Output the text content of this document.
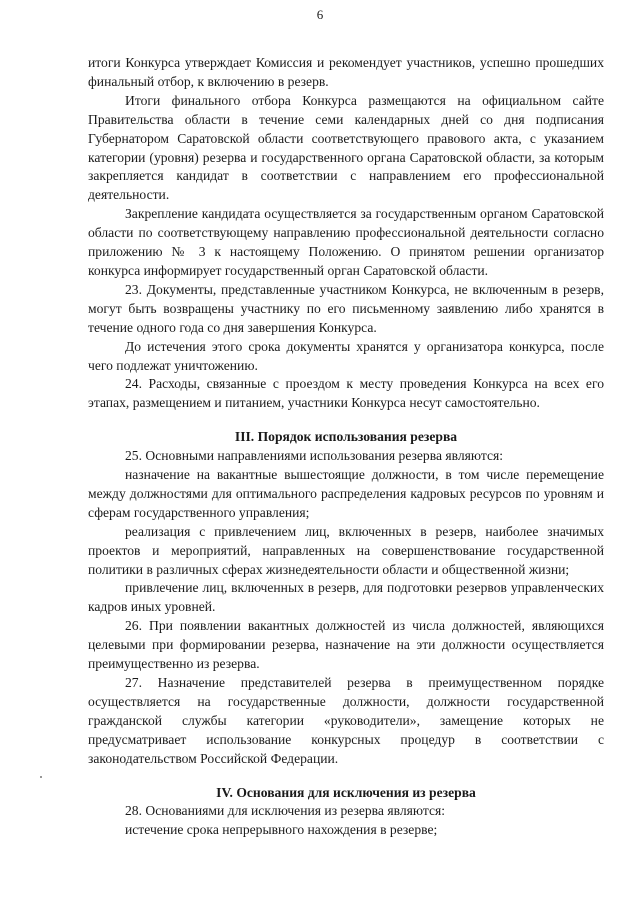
6

итоги Конкурса утверждает Комиссия и рекомендует участников, успешно прошедших финальный отбор, к включению в резерв.

Итоги финального отбора Конкурса размещаются на официальном сайте Правительства области в течение семи календарных дней со дня подписания Губернатором Саратовской области соответствующего правового акта, с указанием категории (уровня) резерва и государственного органа Саратовской области, за которым закрепляется кандидат в соответствии с направлением его профессиональной деятельности.

Закрепление кандидата осуществляется за государственным органом Саратовской области по соответствующему направлению профессиональной деятельности согласно приложению № 3 к настоящему Положению. О принятом решении организатор конкурса информирует государственный орган Саратовской области.

23. Документы, представленные участником Конкурса, не включенным в резерв, могут быть возвращены участнику по его письменному заявлению либо хранятся в течение одного года со дня завершения Конкурса.

До истечения этого срока документы хранятся у организатора конкурса, после чего подлежат уничтожению.

24. Расходы, связанные с проездом к месту проведения Конкурса на всех его этапах, размещением и питанием, участники Конкурса несут самостоятельно.

III. Порядок использования резерва

25. Основными направлениями использования резерва являются:

назначение на вакантные вышестоящие должности, в том числе перемещение между должностями для оптимального распределения кадровых ресурсов по уровням и сферам государственного управления;

реализация с привлечением лиц, включенных в резерв, наиболее значимых проектов и мероприятий, направленных на совершенствование государственной политики в различных сферах жизнедеятельности области и общественной жизни;

привлечение лиц, включенных в резерв, для подготовки резервов управленческих кадров иных уровней.

26. При появлении вакантных должностей из числа должностей, являющихся целевыми при формировании резерва, назначение на эти должности осуществляется преимущественно из резерва.

27. Назначение представителей резерва в преимущественном порядке осуществляется на государственные должности, должности государственной гражданской службы категории «руководители», замещение которых не предусматривает использование конкурсных процедур в соответствии с законодательством Российской Федерации.

IV. Основания для исключения из резерва

28. Основаниями для исключения из резерва являются:

истечение срока непрерывного нахождения в резерве;
